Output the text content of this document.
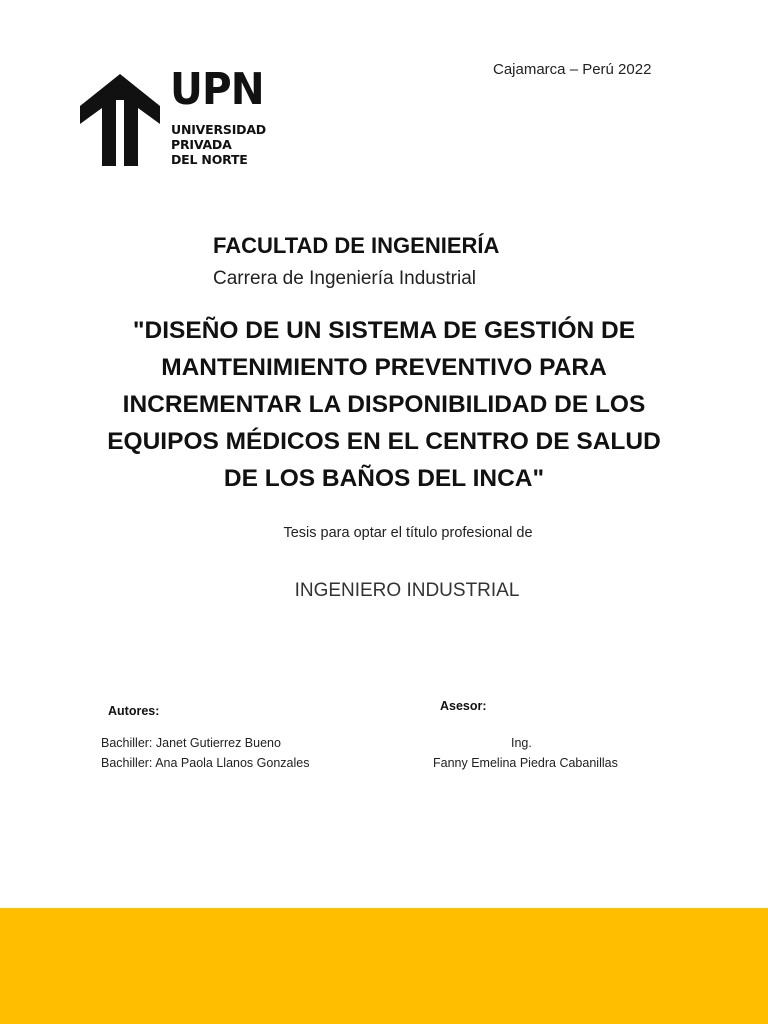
Cajamarca – Perú 2022
UPN
UNIVERSIDAD
PRIVADA
DEL NORTE
FACULTAD DE INGENIERÍA
Carrera de Ingeniería Industrial
"DISEÑO DE UN SISTEMA DE GESTIÓN DE
MANTENIMIENTO PREVENTIVO PARA
INCREMENTAR LA DISPONIBILIDAD DE LOS
EQUIPOS MÉDICOS EN EL CENTRO DE SALUD
DE LOS BAÑOS DEL INCA"
Tesis para optar el título profesional de
INGENIERO INDUSTRIAL
Autores:
Bachiller: Janet Gutierrez Bueno
Bachiller: Ana Paola Llanos Gonzales
Asesor:
Ing.
Fanny Emelina Piedra Cabanillas
